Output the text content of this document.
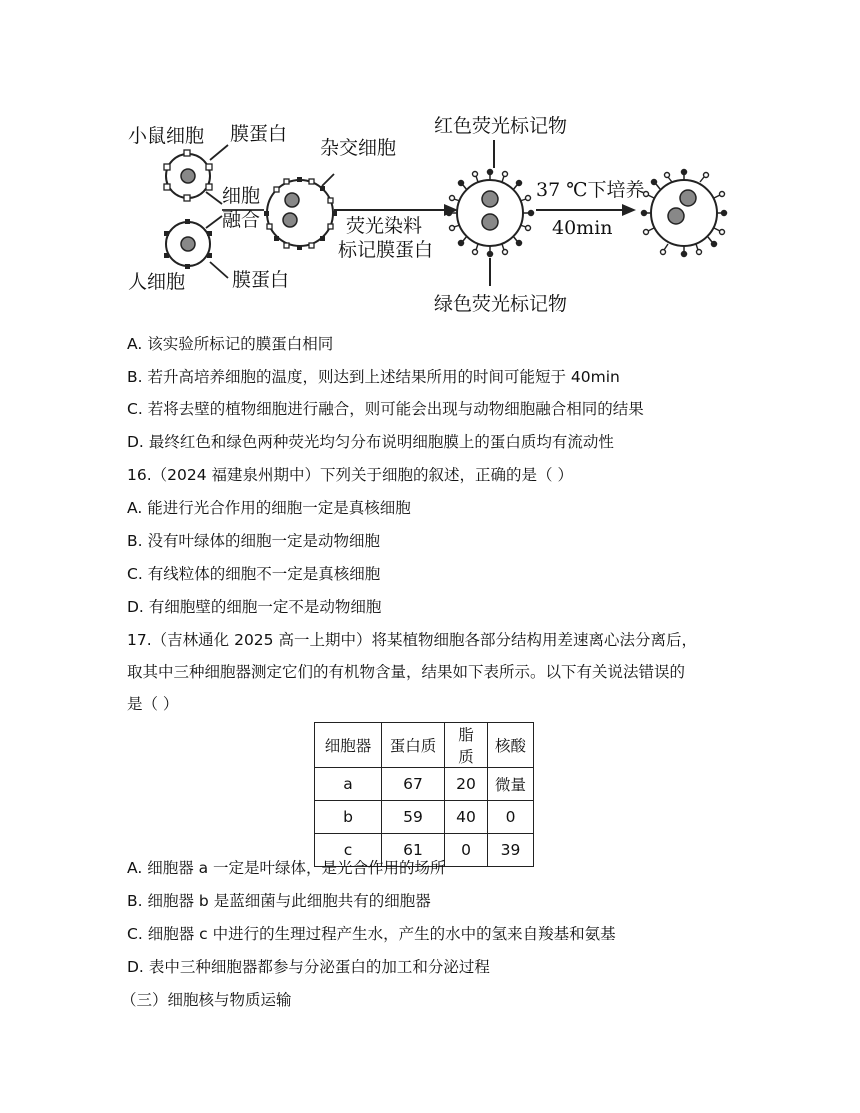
小鼠细胞 膜蛋白
杂交细胞
细胞
融合
人细胞 膜蛋白
荧光染料
标记膜蛋白
红色荧光标记物
绿色荧光标记物
37 ℃下培养
40min
A. 该实验所标记的膜蛋白相同
B. 若升高培养细胞的温度，则达到上述结果所用的时间可能短于 40min
C. 若将去壁的植物细胞进行融合，则可能会出现与动物细胞融合相同的结果
D. 最终红色和绿色两种荧光均匀分布说明细胞膜上的蛋白质均有流动性
16.（2024 福建泉州期中）下列关于细胞的叙述，正确的是（ ）
A. 能进行光合作用的细胞一定是真核细胞
B. 没有叶绿体的细胞一定是动物细胞
C. 有线粒体的细胞不一定是真核细胞
D. 有细胞壁的细胞一定不是动物细胞
17.（吉林通化 2025 高一上期中）将某植物细胞各部分结构用差速离心法分离后，
取其中三种细胞器测定它们的有机物含量，结果如下表所示。以下有关说法错误的
是（ ）
细胞器	蛋白质	脂质	核酸
a	67	20	微量
b	59	40	0
c	61	0	39
A. 细胞器 a 一定是叶绿体，是光合作用的场所
B. 细胞器 b 是蓝细菌与此细胞共有的细胞器
C. 细胞器 c 中进行的生理过程产生水，产生的水中的氢来自羧基和氨基
D. 表中三种细胞器都参与分泌蛋白的加工和分泌过程
（三）细胞核与物质运输
